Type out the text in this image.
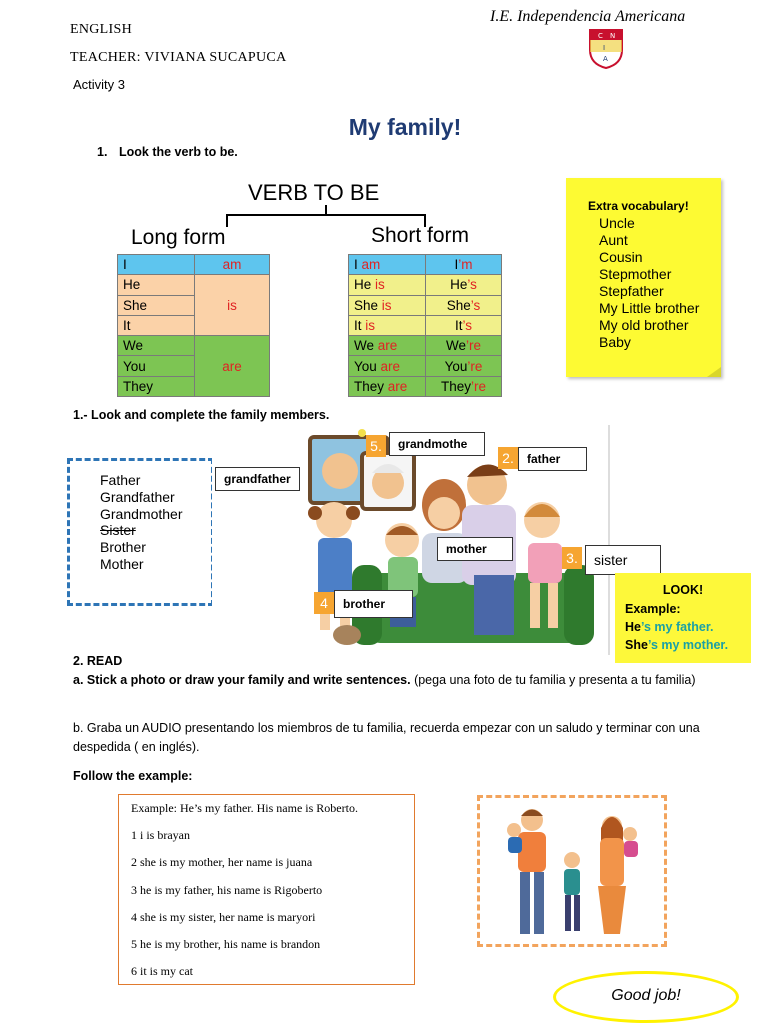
ENGLISH
TEACHER: VIVIANA SUCAPUCA
Activity 3
I.E. Independencia Americana
C N
I
A
My family!
1. Look the verb to be.
VERB TO BE
Long form	Short form
I	am
He	is
She	
It	
We	are
You	
They	
I am	I’m
He is	He’s
She is	She’s
It is	It’s
We are	We’re
You are	You’re
They are	They’re
Extra vocabulary!
Uncle
Aunt
Cousin
Stepmother
Stepfather
My Little brother
My old brother
Baby
1.- Look and complete the family members.
Father
Grandfather
Grandmother
Sister
Brother
Mother
grandfather
5.	grandmothe
2.	father
mother
3.	sister
4	brother
LOOK!
Example:
He’s my father.
She’s my mother.
2. READ
a. Stick a photo or draw your family and write sentences. (pega una foto de tu familia y presenta a tu familia)
b. Graba un AUDIO presentando los miembros de tu familia, recuerda empezar con un saludo y terminar con una despedida ( en inglés).
Follow the example:
Example: He’s my father. His name is Roberto.
1 i is brayan
2 she is my mother, her name is juana
3 he is my father, his name is Rigoberto
4 she is my sister, her name is maryori
5 he is my brother, his name is brandon
6 it is my cat
Good job!
